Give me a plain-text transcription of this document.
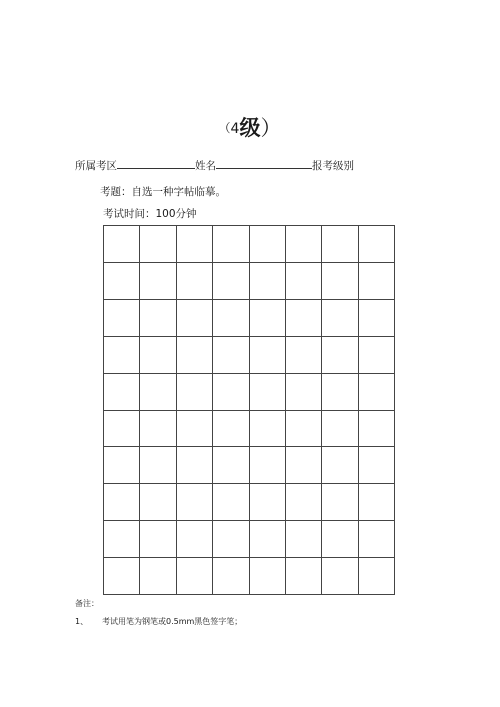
（4级）
所属考区	姓名	报考级别
考题：自选一种字帖临摹。
考试时间：100分钟
备注：
1、 考试用笔为钢笔或0.5mm黑色签字笔；
